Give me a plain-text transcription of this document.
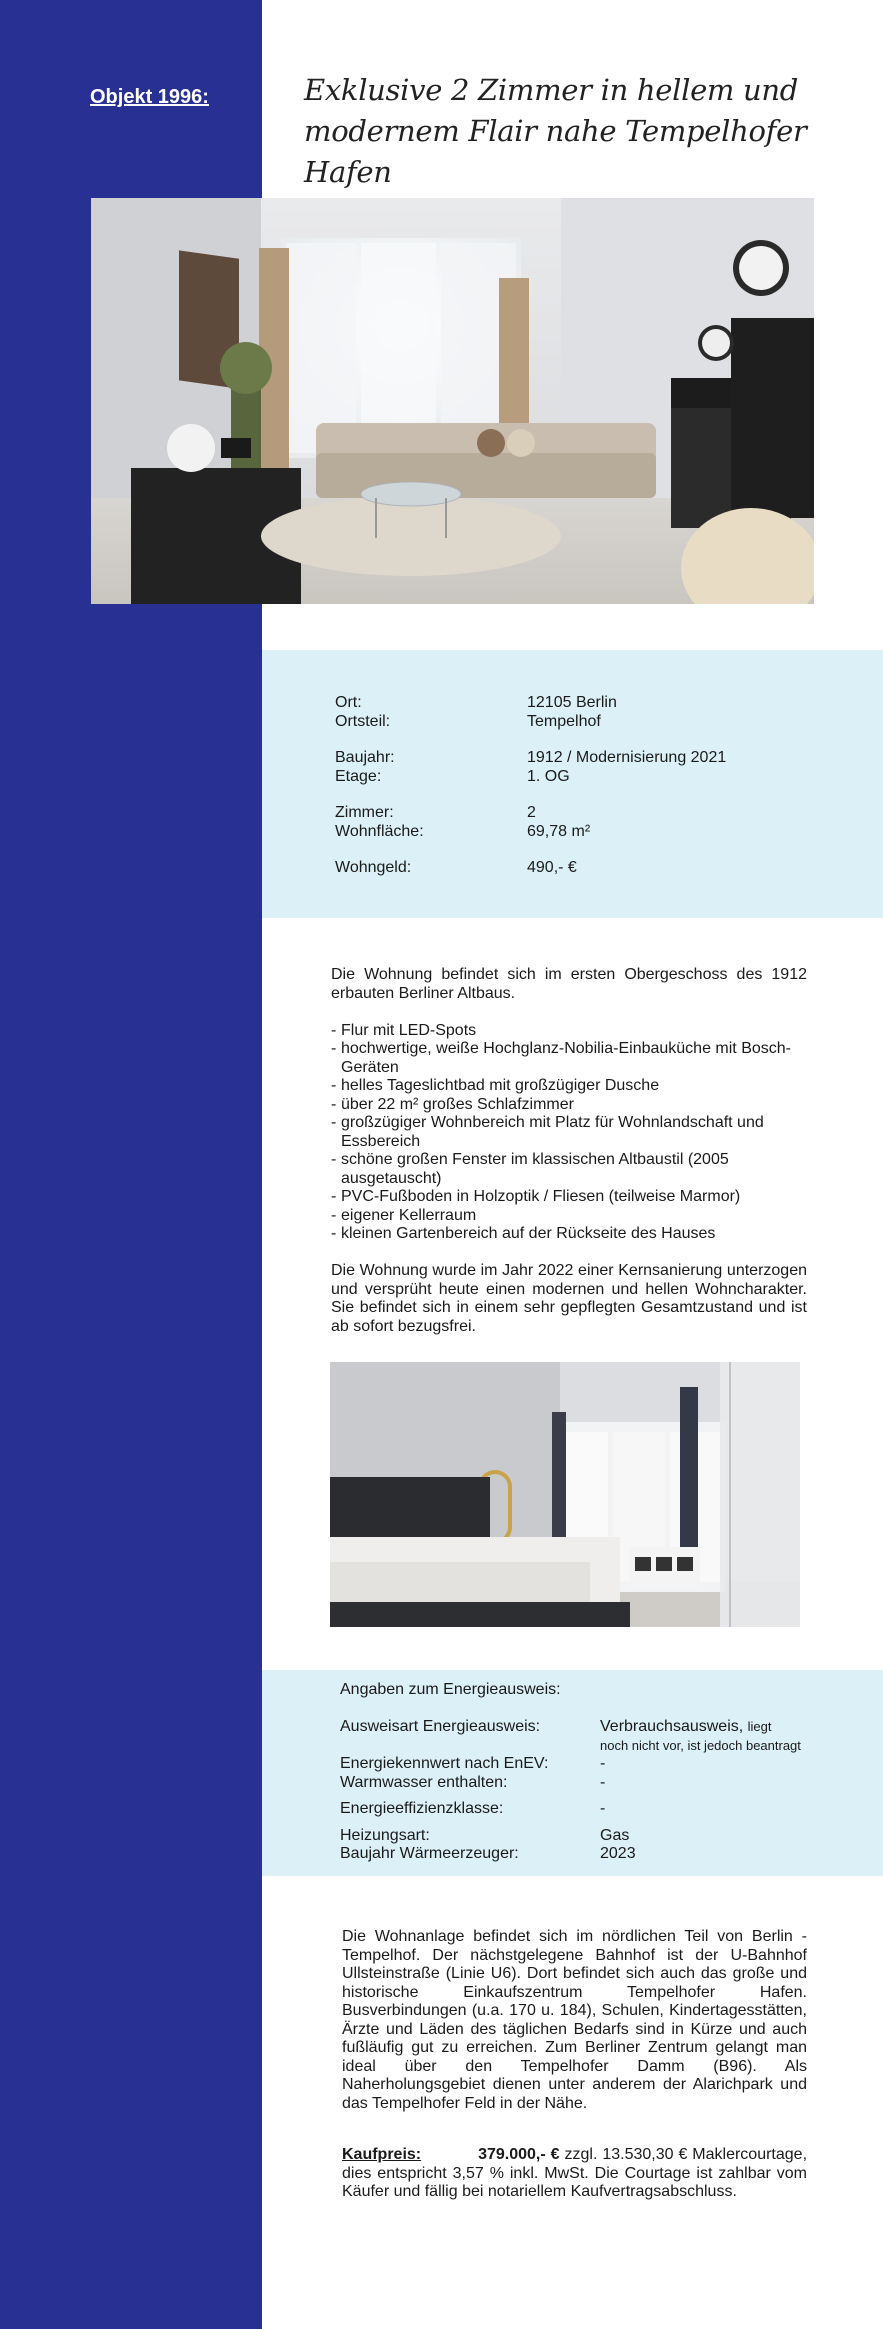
Objekt 1996:	Exklusive 2 Zimmer in hellem und modernem Flair nahe Tempelhofer Hafen
Ort:	12105 Berlin
Ortsteil:	Tempelhof
Baujahr:	1912 / Modernisierung 2021
Etage:	1. OG
Zimmer:	2
Wohnfläche:	69,78 m²
Wohngeld:	490,- €

Die Wohnung befindet sich im ersten Obergeschoss des 1912 erbauten Berliner Altbaus.

- Flur mit LED-Spots
- hochwertige, weiße Hochglanz-Nobilia-Einbauküche mit Bosch-Geräten
- helles Tageslichtbad mit großzügiger Dusche
- über 22 m² großes Schlafzimmer
- großzügiger Wohnbereich mit Platz für Wohnlandschaft und Essbereich
- schöne großen Fenster im klassischen Altbaustil (2005 ausgetauscht)
- PVC-Fußboden in Holzoptik / Fliesen (teilweise Marmor)
- eigener Kellerraum
- kleinen Gartenbereich auf der Rückseite des Hauses

Die Wohnung wurde im Jahr 2022 einer Kernsanierung unterzogen und versprüht heute einen modernen und hellen Wohncharakter. Sie befindet sich in einem sehr gepflegten Gesamtzustand und ist ab sofort bezugsfrei.

Angaben zum Energieausweis:
Ausweisart Energieausweis:	Verbrauchsausweis, liegt
noch nicht vor, ist jedoch beantragt
Energiekennwert nach EnEV:	-
Warmwasser enthalten:	-
Energieeffizienzklasse:	-
Heizungsart:	Gas
Baujahr Wärmeerzeuger:	2023

Die Wohnanlage befindet sich im nördlichen Teil von Berlin - Tempelhof. Der nächstgelegene Bahnhof ist der U-Bahnhof Ullsteinstraße (Linie U6). Dort befindet sich auch das große und historische Einkaufszentrum Tempelhofer Hafen. Busverbindungen (u.a. 170 u. 184), Schulen, Kindertagesstätten, Ärzte und Läden des täglichen Bedarfs sind in Kürze und auch fußläufig gut zu erreichen. Zum Berliner Zentrum gelangt man ideal über den Tempelhofer Damm (B96). Als Naherholungsgebiet dienen unter anderem der Alarichpark und das Tempelhofer Feld in der Nähe.

Kaufpreis:	379.000,- € zzgl. 13.530,30 € Maklercourtage, dies entspricht 3,57 % inkl. MwSt. Die Courtage ist zahlbar vom Käufer und fällig bei notariellem Kaufvertragsabschluss.
